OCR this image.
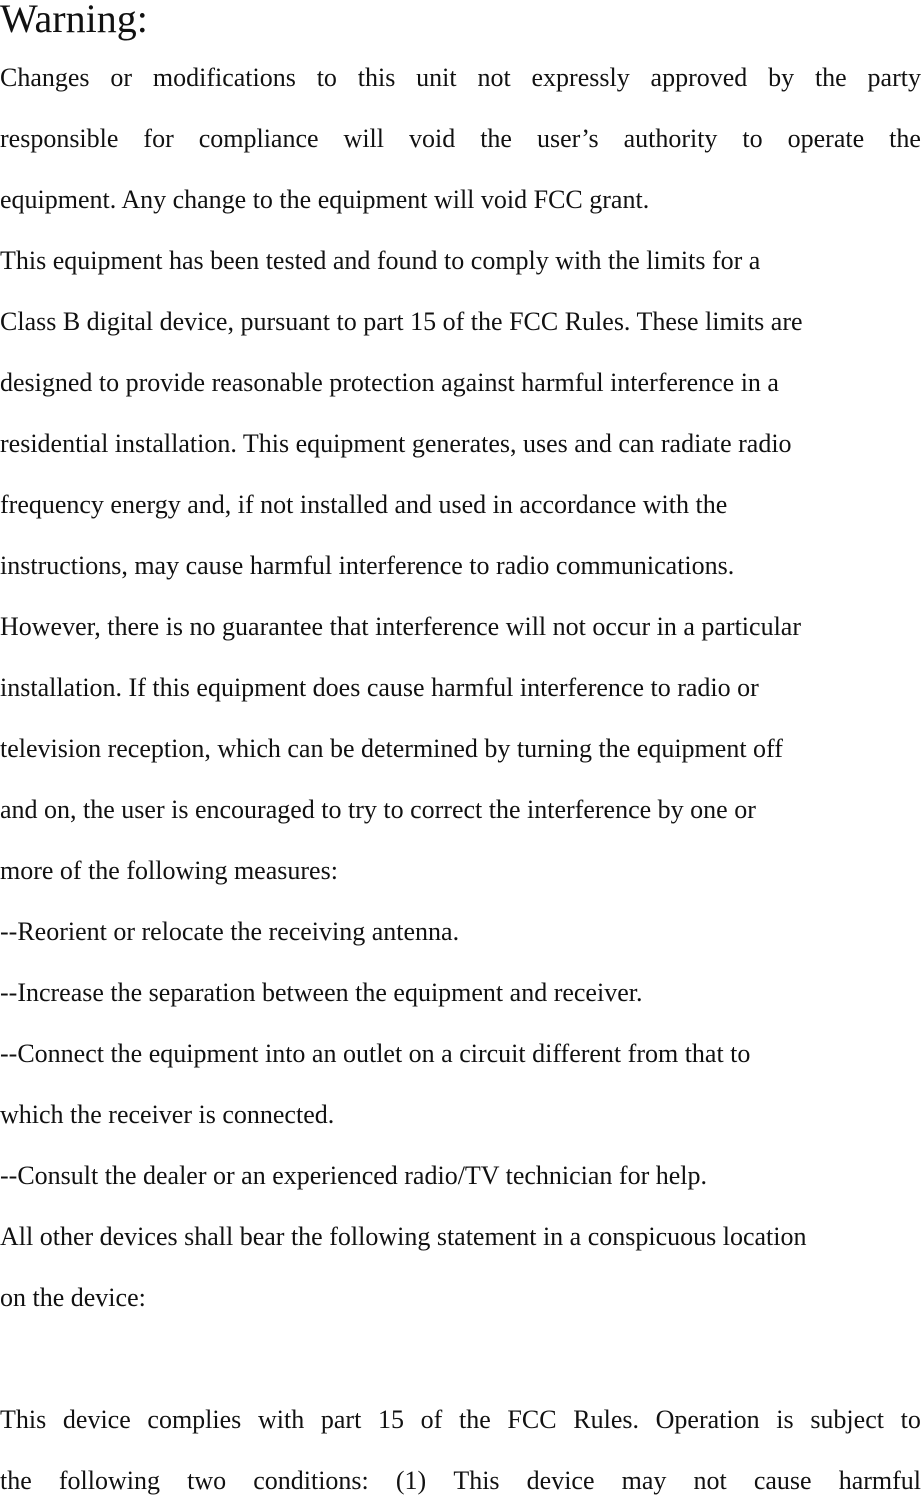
Warning:
Changes or modifications to this unit not expressly approved by the party
responsible for compliance will void the user’s authority to operate the
equipment. Any change to the equipment will void FCC grant.
This equipment has been tested and found to comply with the limits for a
Class B digital device, pursuant to part 15 of the FCC Rules. These limits are
designed to provide reasonable protection against harmful interference in a
residential installation. This equipment generates, uses and can radiate radio
frequency energy and, if not installed and used in accordance with the
instructions, may cause harmful interference to radio communications.
However, there is no guarantee that interference will not occur in a particular
installation. If this equipment does cause harmful interference to radio or
television reception, which can be determined by turning the equipment off
and on, the user is encouraged to try to correct the interference by one or
more of the following measures:
--Reorient or relocate the receiving antenna.
--Increase the separation between the equipment and receiver.
--Connect the equipment into an outlet on a circuit different from that to
which the receiver is connected.
--Consult the dealer or an experienced radio/TV technician for help.
All other devices shall bear the following statement in a conspicuous location
on the device:
This device complies with part 15 of the FCC Rules. Operation is subject to
the following two conditions: (1) This device may not cause harmful
